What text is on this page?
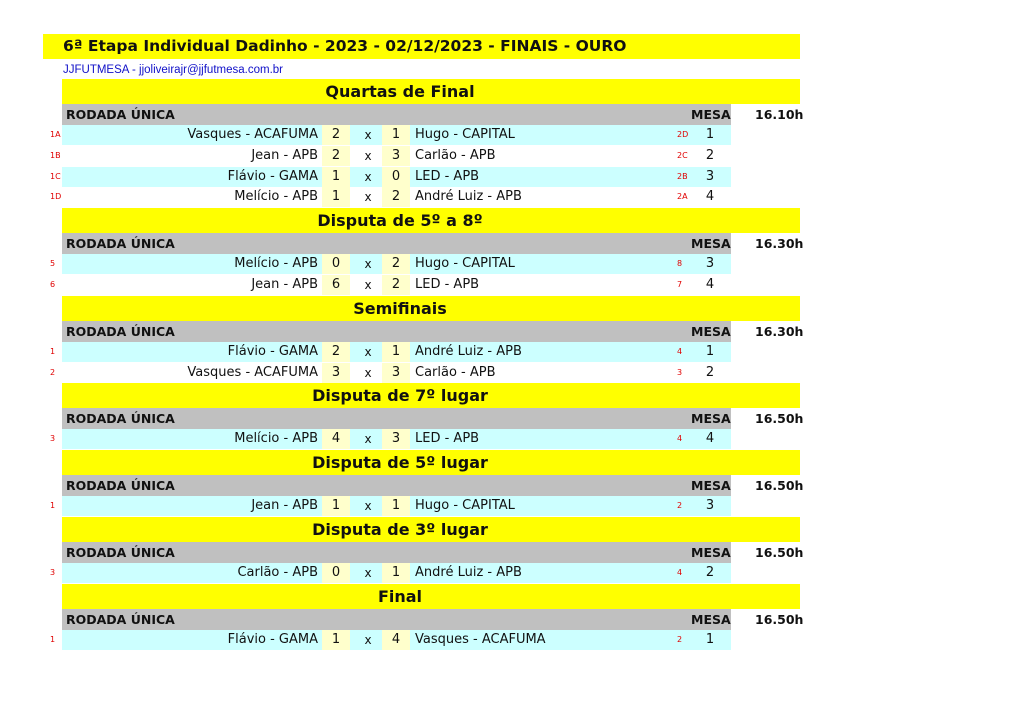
6ª Etapa Individual Dadinho - 2023 - 02/12/2023 - FINAIS - OURO
JJFUTMESA - jjoliveirajr@jjfutmesa.com.br
Quartas de Final
RODADA ÚNICA	MESA 16.10h
1A	Vasques - ACAFUMA	2	x	1	Hugo - CAPITAL	2D	1
1B	Jean - APB	2	x	3	Carlão - APB	2C	2
1C	Flávio - GAMA	1	x	0	LED - APB	2B	3
1D	Melício - APB	1	x	2	André Luiz - APB	2A	4
Disputa de 5º a 8º
RODADA ÚNICA	MESA 16.30h
5	Melício - APB	0	x	2	Hugo - CAPITAL	8	3
6	Jean - APB	6	x	2	LED - APB	7	4
Semifinais
RODADA ÚNICA	MESA 16.30h
1	Flávio - GAMA	2	x	1	André Luiz - APB	4	1
2	Vasques - ACAFUMA	3	x	3	Carlão - APB	3	2
Disputa de 7º lugar
RODADA ÚNICA	MESA 16.50h
3	Melício - APB	4	x	3	LED - APB	4	4
Disputa de 5º lugar
RODADA ÚNICA	MESA 16.50h
1	Jean - APB	1	x	1	Hugo - CAPITAL	2	3
Disputa de 3º lugar
RODADA ÚNICA	MESA 16.50h
3	Carlão - APB	0	x	1	André Luiz - APB	4	2
Final
RODADA ÚNICA	MESA 16.50h
1	Flávio - GAMA	1	x	4	Vasques - ACAFUMA	2	1
